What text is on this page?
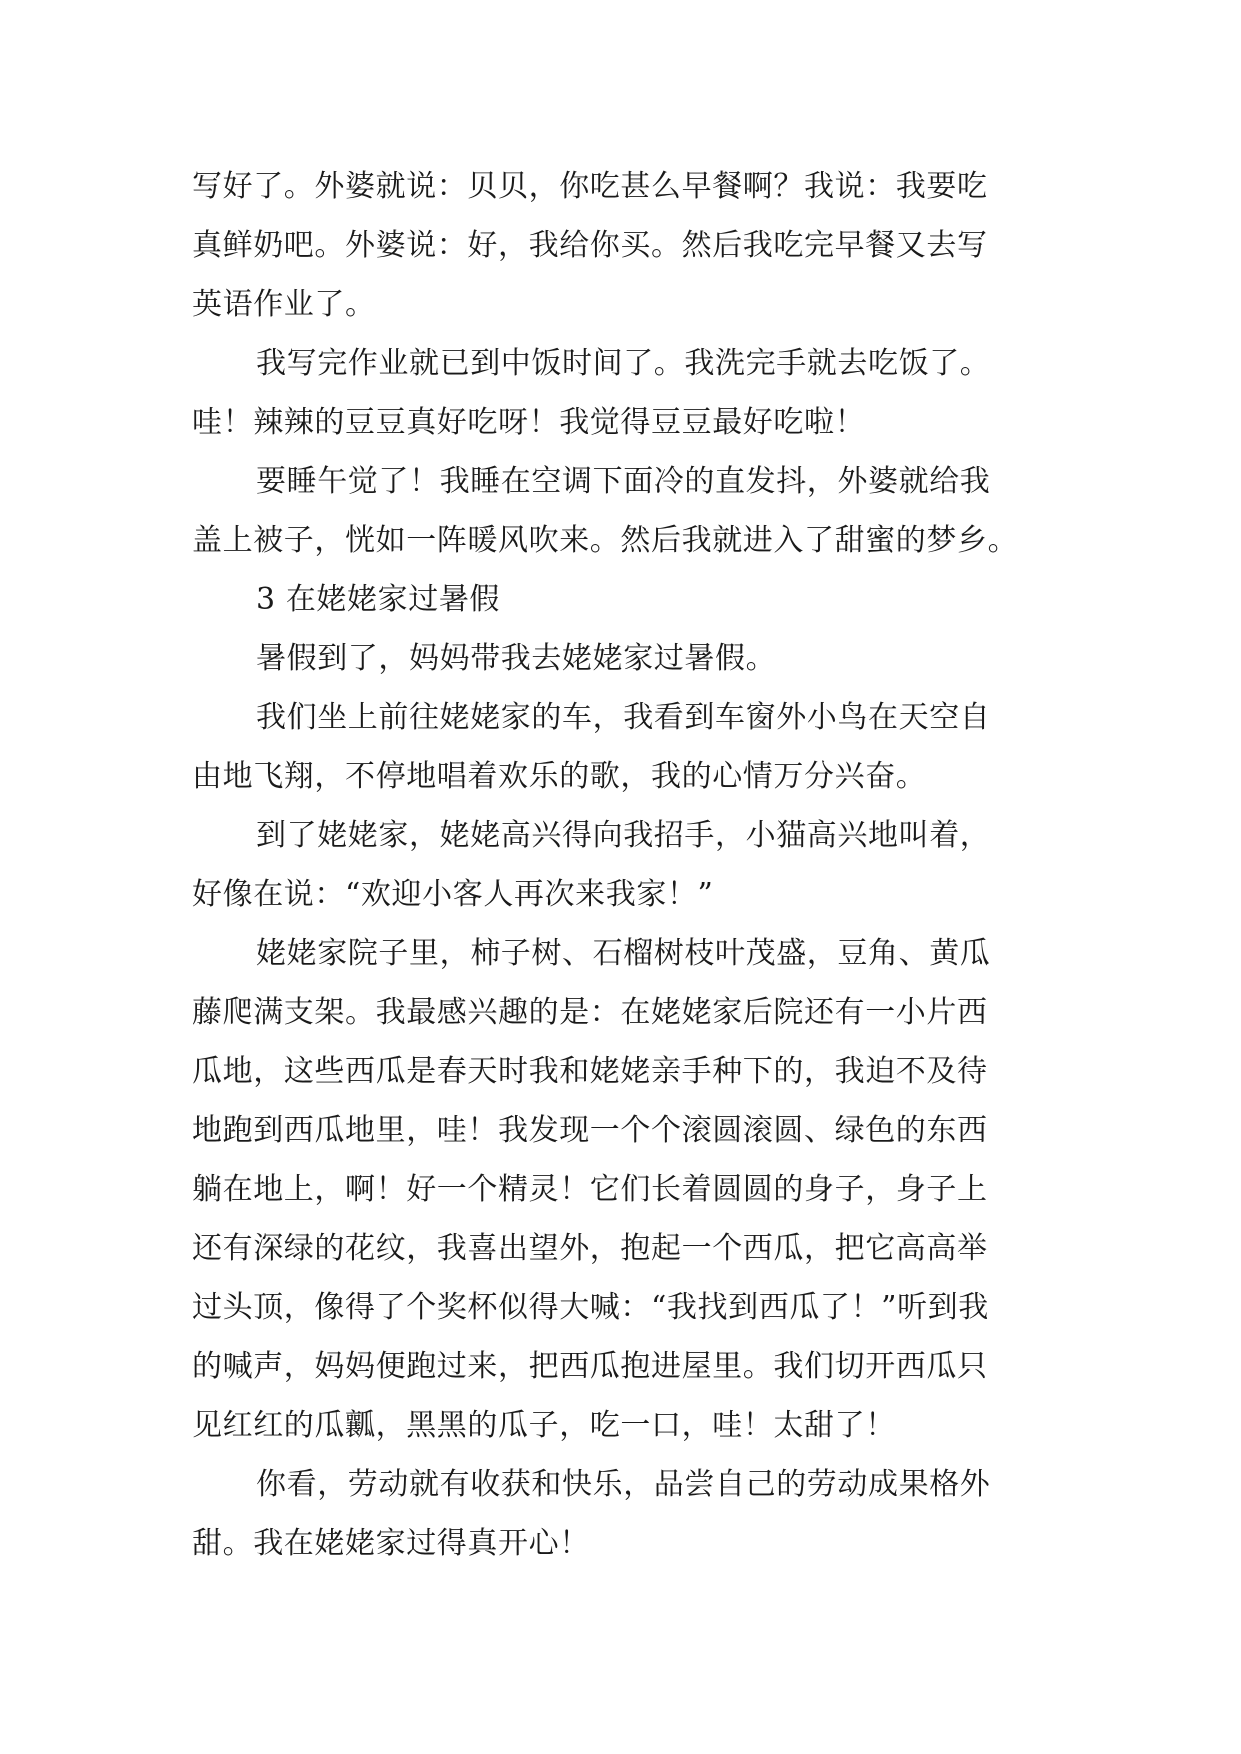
写好了。外婆就说：贝贝，你吃甚么早餐啊？我说：我要吃
真鲜奶吧。外婆说：好，我给你买。然后我吃完早餐又去写
英语作业了。
我写完作业就已到中饭时间了。我洗完手就去吃饭了。
哇！辣辣的豆豆真好吃呀！我觉得豆豆最好吃啦！
要睡午觉了！我睡在空调下面冷的直发抖，外婆就给我
盖上被子，恍如一阵暖风吹来。然后我就进入了甜蜜的梦乡。
3 在姥姥家过暑假
暑假到了，妈妈带我去姥姥家过暑假。
我们坐上前往姥姥家的车，我看到车窗外小鸟在天空自
由地飞翔，不停地唱着欢乐的歌，我的心情万分兴奋。
到了姥姥家，姥姥高兴得向我招手，小猫高兴地叫着，
好像在说：“欢迎小客人再次来我家！”
姥姥家院子里，柿子树、石榴树枝叶茂盛，豆角、黄瓜
藤爬满支架。我最感兴趣的是：在姥姥家后院还有一小片西
瓜地，这些西瓜是春天时我和姥姥亲手种下的，我迫不及待
地跑到西瓜地里，哇！我发现一个个滚圆滚圆、绿色的东西
躺在地上，啊！好一个精灵！它们长着圆圆的身子，身子上
还有深绿的花纹，我喜出望外，抱起一个西瓜，把它高高举
过头顶，像得了个奖杯似得大喊：“我找到西瓜了！”听到我
的喊声，妈妈便跑过来，把西瓜抱进屋里。我们切开西瓜只
见红红的瓜瓤，黑黑的瓜子，吃一口，哇！太甜了！
你看，劳动就有收获和快乐，品尝自己的劳动成果格外
甜。我在姥姥家过得真开心！
